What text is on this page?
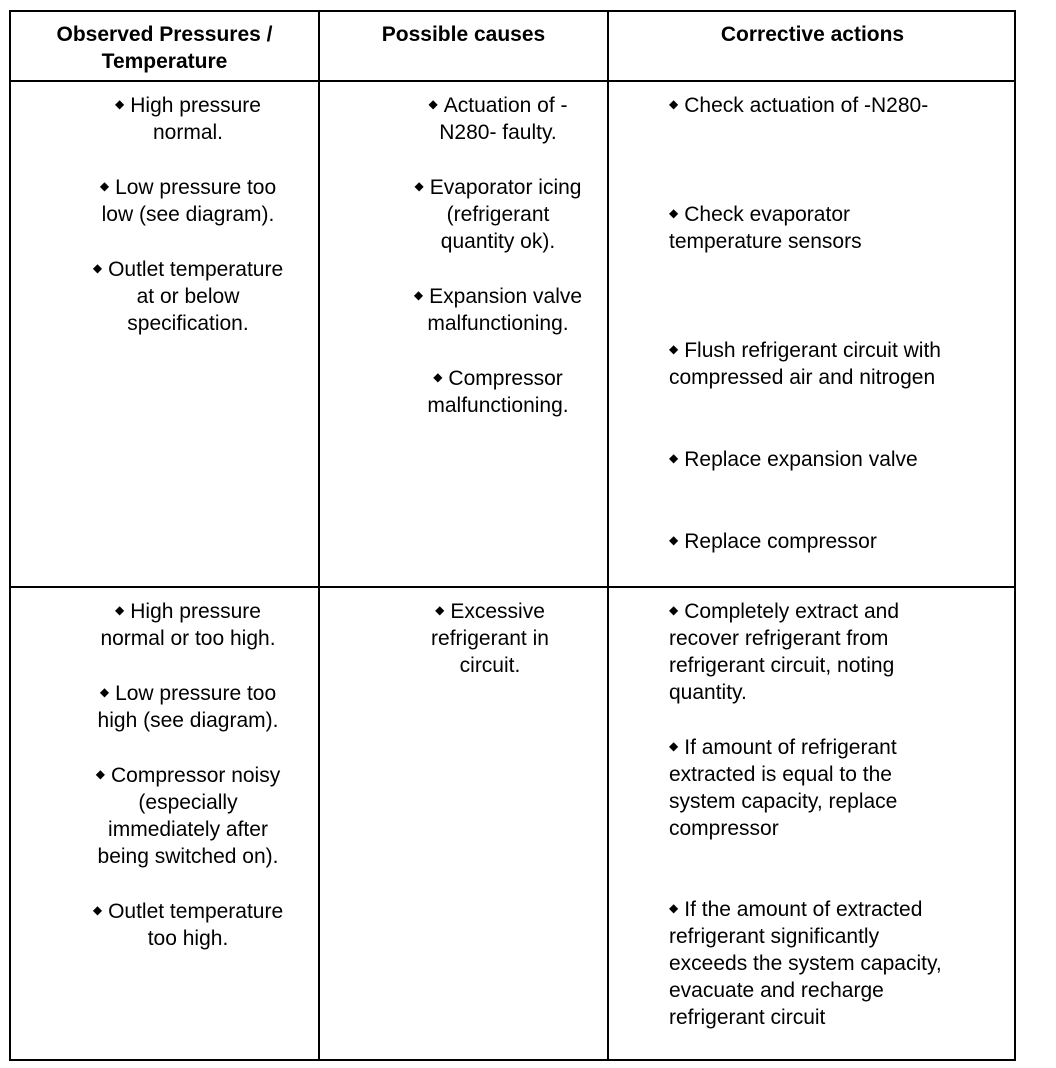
Observed Pressures /
Temperature
Possible causes	Corrective actions
◆ High pressure
normal.
◆ Low pressure too
low (see diagram).
◆ Outlet temperature
at or below
specification.
◆ Actuation of -
N280- faulty.
◆ Evaporator icing
(refrigerant
quantity ok).
◆ Expansion valve
malfunctioning.
◆ Compressor
malfunctioning.
◆ Check actuation of -N280-
◆ Check evaporator
temperature sensors
◆ Flush refrigerant circuit with
compressed air and nitrogen
◆ Replace expansion valve
◆ Replace compressor
◆ High pressure
normal or too high.
◆ Low pressure too
high (see diagram).
◆ Compressor noisy
(especially
immediately after
being switched on).
◆ Outlet temperature
too high.
◆ Excessive
refrigerant in
circuit.
◆ Completely extract and
recover refrigerant from
refrigerant circuit, noting
quantity.
◆ If amount of refrigerant
extracted is equal to the
system capacity, replace
compressor
◆ If the amount of extracted
refrigerant significantly
exceeds the system capacity,
evacuate and recharge
refrigerant circuit
